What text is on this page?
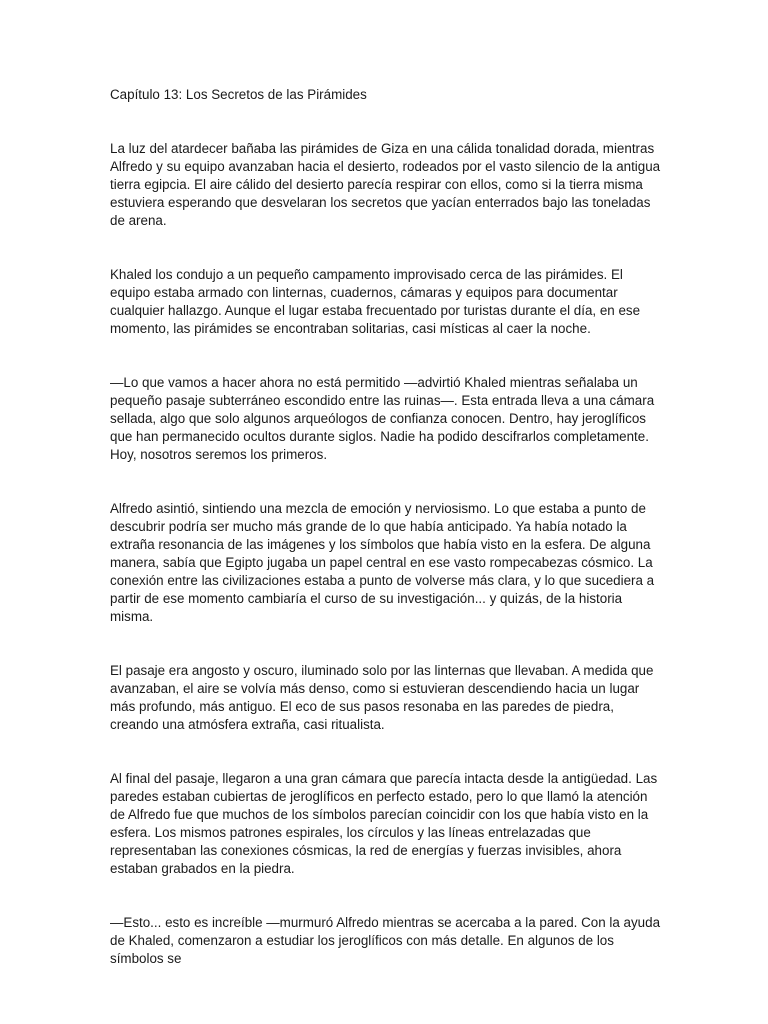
Capítulo 13: Los Secretos de las Pirámides

La luz del atardecer bañaba las pirámides de Giza en una cálida tonalidad dorada, mientras Alfredo y su equipo avanzaban hacia el desierto, rodeados por el vasto silencio de la antigua tierra egipcia. El aire cálido del desierto parecía respirar con ellos, como si la tierra misma estuviera esperando que desvelaran los secretos que yacían enterrados bajo las toneladas de arena.

Khaled los condujo a un pequeño campamento improvisado cerca de las pirámides. El equipo estaba armado con linternas, cuadernos, cámaras y equipos para documentar cualquier hallazgo. Aunque el lugar estaba frecuentado por turistas durante el día, en ese momento, las pirámides se encontraban solitarias, casi místicas al caer la noche.

—Lo que vamos a hacer ahora no está permitido —advirtió Khaled mientras señalaba un pequeño pasaje subterráneo escondido entre las ruinas—. Esta entrada lleva a una cámara sellada, algo que solo algunos arqueólogos de confianza conocen. Dentro, hay jeroglíficos que han permanecido ocultos durante siglos. Nadie ha podido descifrarlos completamente. Hoy, nosotros seremos los primeros.

Alfredo asintió, sintiendo una mezcla de emoción y nerviosismo. Lo que estaba a punto de descubrir podría ser mucho más grande de lo que había anticipado. Ya había notado la extraña resonancia de las imágenes y los símbolos que había visto en la esfera. De alguna manera, sabía que Egipto jugaba un papel central en ese vasto rompecabezas cósmico. La conexión entre las civilizaciones estaba a punto de volverse más clara, y lo que sucediera a partir de ese momento cambiaría el curso de su investigación... y quizás, de la historia misma.

El pasaje era angosto y oscuro, iluminado solo por las linternas que llevaban. A medida que avanzaban, el aire se volvía más denso, como si estuvieran descendiendo hacia un lugar más profundo, más antiguo. El eco de sus pasos resonaba en las paredes de piedra, creando una atmósfera extraña, casi ritualista.

Al final del pasaje, llegaron a una gran cámara que parecía intacta desde la antigüedad. Las paredes estaban cubiertas de jeroglíficos en perfecto estado, pero lo que llamó la atención de Alfredo fue que muchos de los símbolos parecían coincidir con los que había visto en la esfera. Los mismos patrones espirales, los círculos y las líneas entrelazadas que representaban las conexiones cósmicas, la red de energías y fuerzas invisibles, ahora estaban grabados en la piedra.

—Esto... esto es increíble —murmuró Alfredo mientras se acercaba a la pared. Con la ayuda de Khaled, comenzaron a estudiar los jeroglíficos con más detalle. En algunos de los símbolos se
